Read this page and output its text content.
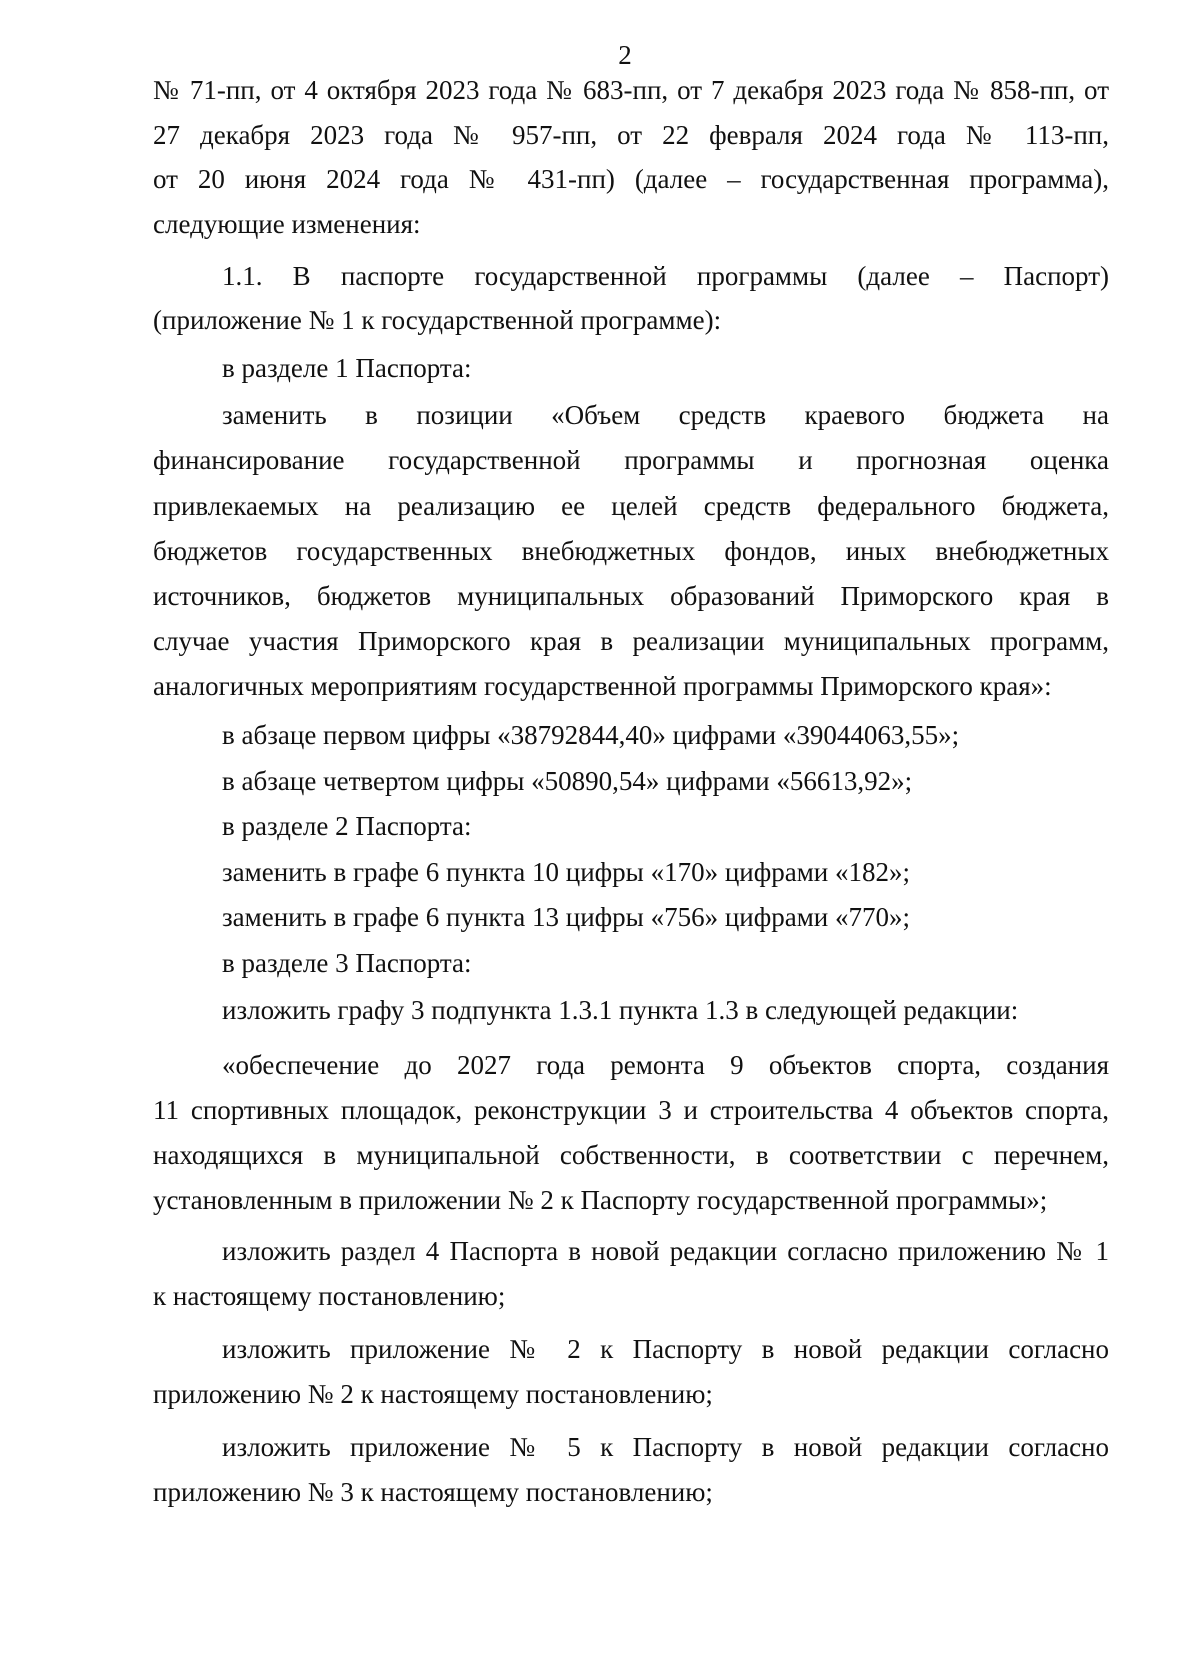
2
№ 71-пп, от 4 октября 2023 года № 683-пп, от 7 декабря 2023 года № 858-пп, от
27 декабря 2023 года № 957-пп, от 22 февраля 2024 года № 113-пп,
от 20 июня 2024 года № 431-пп) (далее – государственная программа),
следующие изменения:
1.1. В паспорте государственной программы (далее – Паспорт)
(приложение № 1 к государственной программе):
в разделе 1 Паспорта:
заменить в позиции «Объем средств краевого бюджета на
финансирование государственной программы и прогнозная оценка
привлекаемых на реализацию ее целей средств федерального бюджета,
бюджетов государственных внебюджетных фондов, иных внебюджетных
источников, бюджетов муниципальных образований Приморского края в
случае участия Приморского края в реализации муниципальных программ,
аналогичных мероприятиям государственной программы Приморского края»:
в абзаце первом цифры «38792844,40» цифрами «39044063,55»;
в абзаце четвертом цифры «50890,54» цифрами «56613,92»;
в разделе 2 Паспорта:
заменить в графе 6 пункта 10 цифры «170» цифрами «182»;
заменить в графе 6 пункта 13 цифры «756» цифрами «770»;
в разделе 3 Паспорта:
изложить графу 3 подпункта 1.3.1 пункта 1.3 в следующей редакции:
«обеспечение до 2027 года ремонта 9 объектов спорта, создания
11 спортивных площадок, реконструкции 3 и строительства 4 объектов спорта,
находящихся в муниципальной собственности, в соответствии с перечнем,
установленным в приложении № 2 к Паспорту государственной программы»;
изложить раздел 4 Паспорта в новой редакции согласно приложению № 1
к настоящему постановлению;
изложить приложение № 2 к Паспорту в новой редакции согласно
приложению № 2 к настоящему постановлению;
изложить приложение № 5 к Паспорту в новой редакции согласно
приложению № 3 к настоящему постановлению;
